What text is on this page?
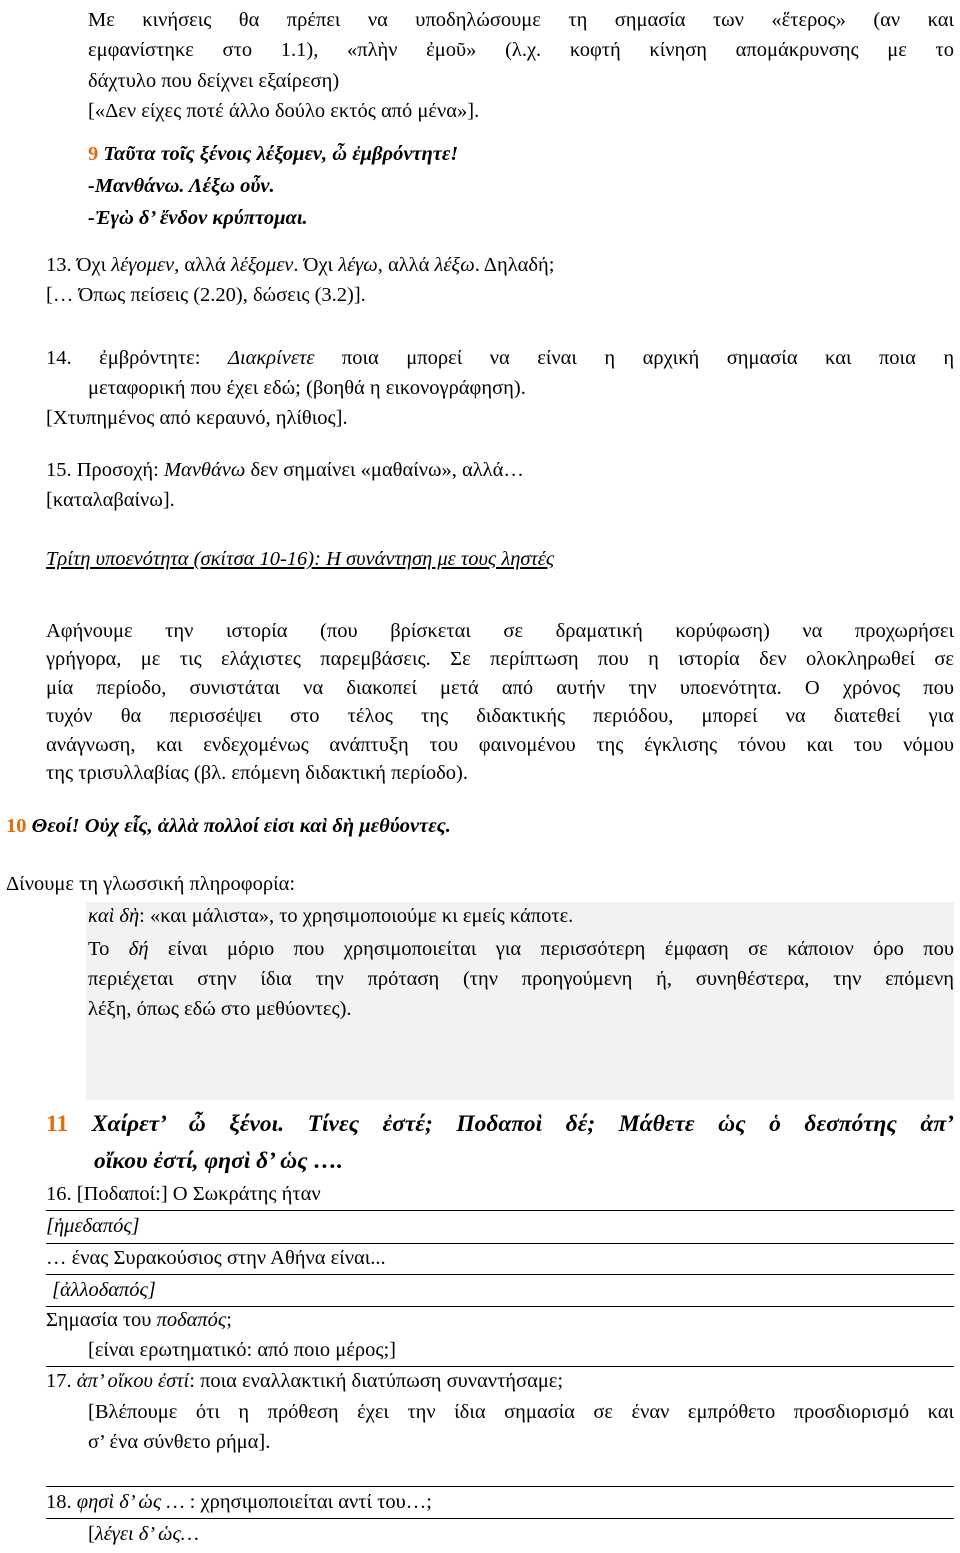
Με κινήσεις θα πρέπει να υποδηλώσουμε τη σημασία των «ἕτερος» (αν και
εμφανίστηκε στο 1.1), «πλὴν ἐμοῦ» (λ.χ. κοφτή κίνηση απομάκρυνσης με το
δάχτυλο που δείχνει εξαίρεση)
[«Δεν είχες ποτέ άλλο δούλο εκτός από μένα»].
9 Ταῦτα τοῖς ξένοις λέξομεν, ὦ ἐμβρόντητε!
-Μανθάνω. Λέξω οὖν.
-Ἐγὼ δ’ ἔνδον κρύπτομαι.
13. Όχι λέγομεν, αλλά λέξομεν. Όχι λέγω, αλλά λέξω. Δηλαδή;
[… Όπως πείσεις (2.20), δώσεις (3.2)].
14. ἐμβρόντητε: Διακρίνετε ποια μπορεί να είναι η αρχική σημασία και ποια η
μεταφορική που έχει εδώ; (βοηθά η εικονογράφηση).
[Χτυπημένος από κεραυνό, ηλίθιος].
15. Προσοχή: Μανθάνω δεν σημαίνει «μαθαίνω», αλλά…
[καταλαβαίνω].
Τρίτη υποενότητα (σκίτσα 10-16): Η συνάντηση με τους ληστές
Αφήνουμε την ιστορία (που βρίσκεται σε δραματική κορύφωση) να προχωρήσει
γρήγορα, με τις ελάχιστες παρεμβάσεις. Σε περίπτωση που η ιστορία δεν ολοκληρωθεί σε
μία περίοδο, συνιστάται να διακοπεί μετά από αυτήν την υποενότητα. Ο χρόνος που
τυχόν θα περισσέψει στο τέλος της διδακτικής περιόδου, μπορεί να διατεθεί για
ανάγνωση, και ενδεχομένως ανάπτυξη του φαινομένου της έγκλισης τόνου και του νόμου
της τρισυλλαβίας (βλ. επόμενη διδακτική περίοδο).
10 Θεοί! Οὐχ εἷς, ἀλλὰ πολλοί εἰσι καὶ δὴ μεθύοντες.
Δίνουμε τη γλωσσική πληροφορία:
καὶ δὴ: «και μάλιστα», το χρησιμοποιούμε κι εμείς κάποτε.
Το δή είναι μόριο που χρησιμοποιείται για περισσότερη έμφαση σε κάποιον όρο που
περιέχεται στην ίδια την πρόταση (την προηγούμενη ή, συνηθέστερα, την επόμενη
λέξη, όπως εδώ στο μεθύοντες).
11 Χαίρετ’ ὦ ξένοι. Τίνες ἐστέ; Ποδαποὶ δέ; Μάθετε ὡς ὁ δεσπότης ἀπ’
οἴκου ἐστί, φησὶ δ’ ὡς ….
16. [Ποδαποί:] Ο Σωκράτης ήταν
[ἡμεδαπός]
… ένας Συρακούσιος στην Αθήνα είναι...
[ἀλλοδαπός]
Σημασία του ποδαπός;
[είναι ερωτηματικό: από ποιο μέρος;]
17. ἀπ’ οἴκου ἐστί: ποια εναλλακτική διατύπωση συναντήσαμε;
[Βλέπουμε ότι η πρόθεση έχει την ίδια σημασία σε έναν εμπρόθετο προσδιορισμό και
σ’ ένα σύνθετο ρήμα].
18. φησὶ δ’ ὡς … : χρησιμοποιείται αντί του…;
[λέγει δ’ ὡς…
